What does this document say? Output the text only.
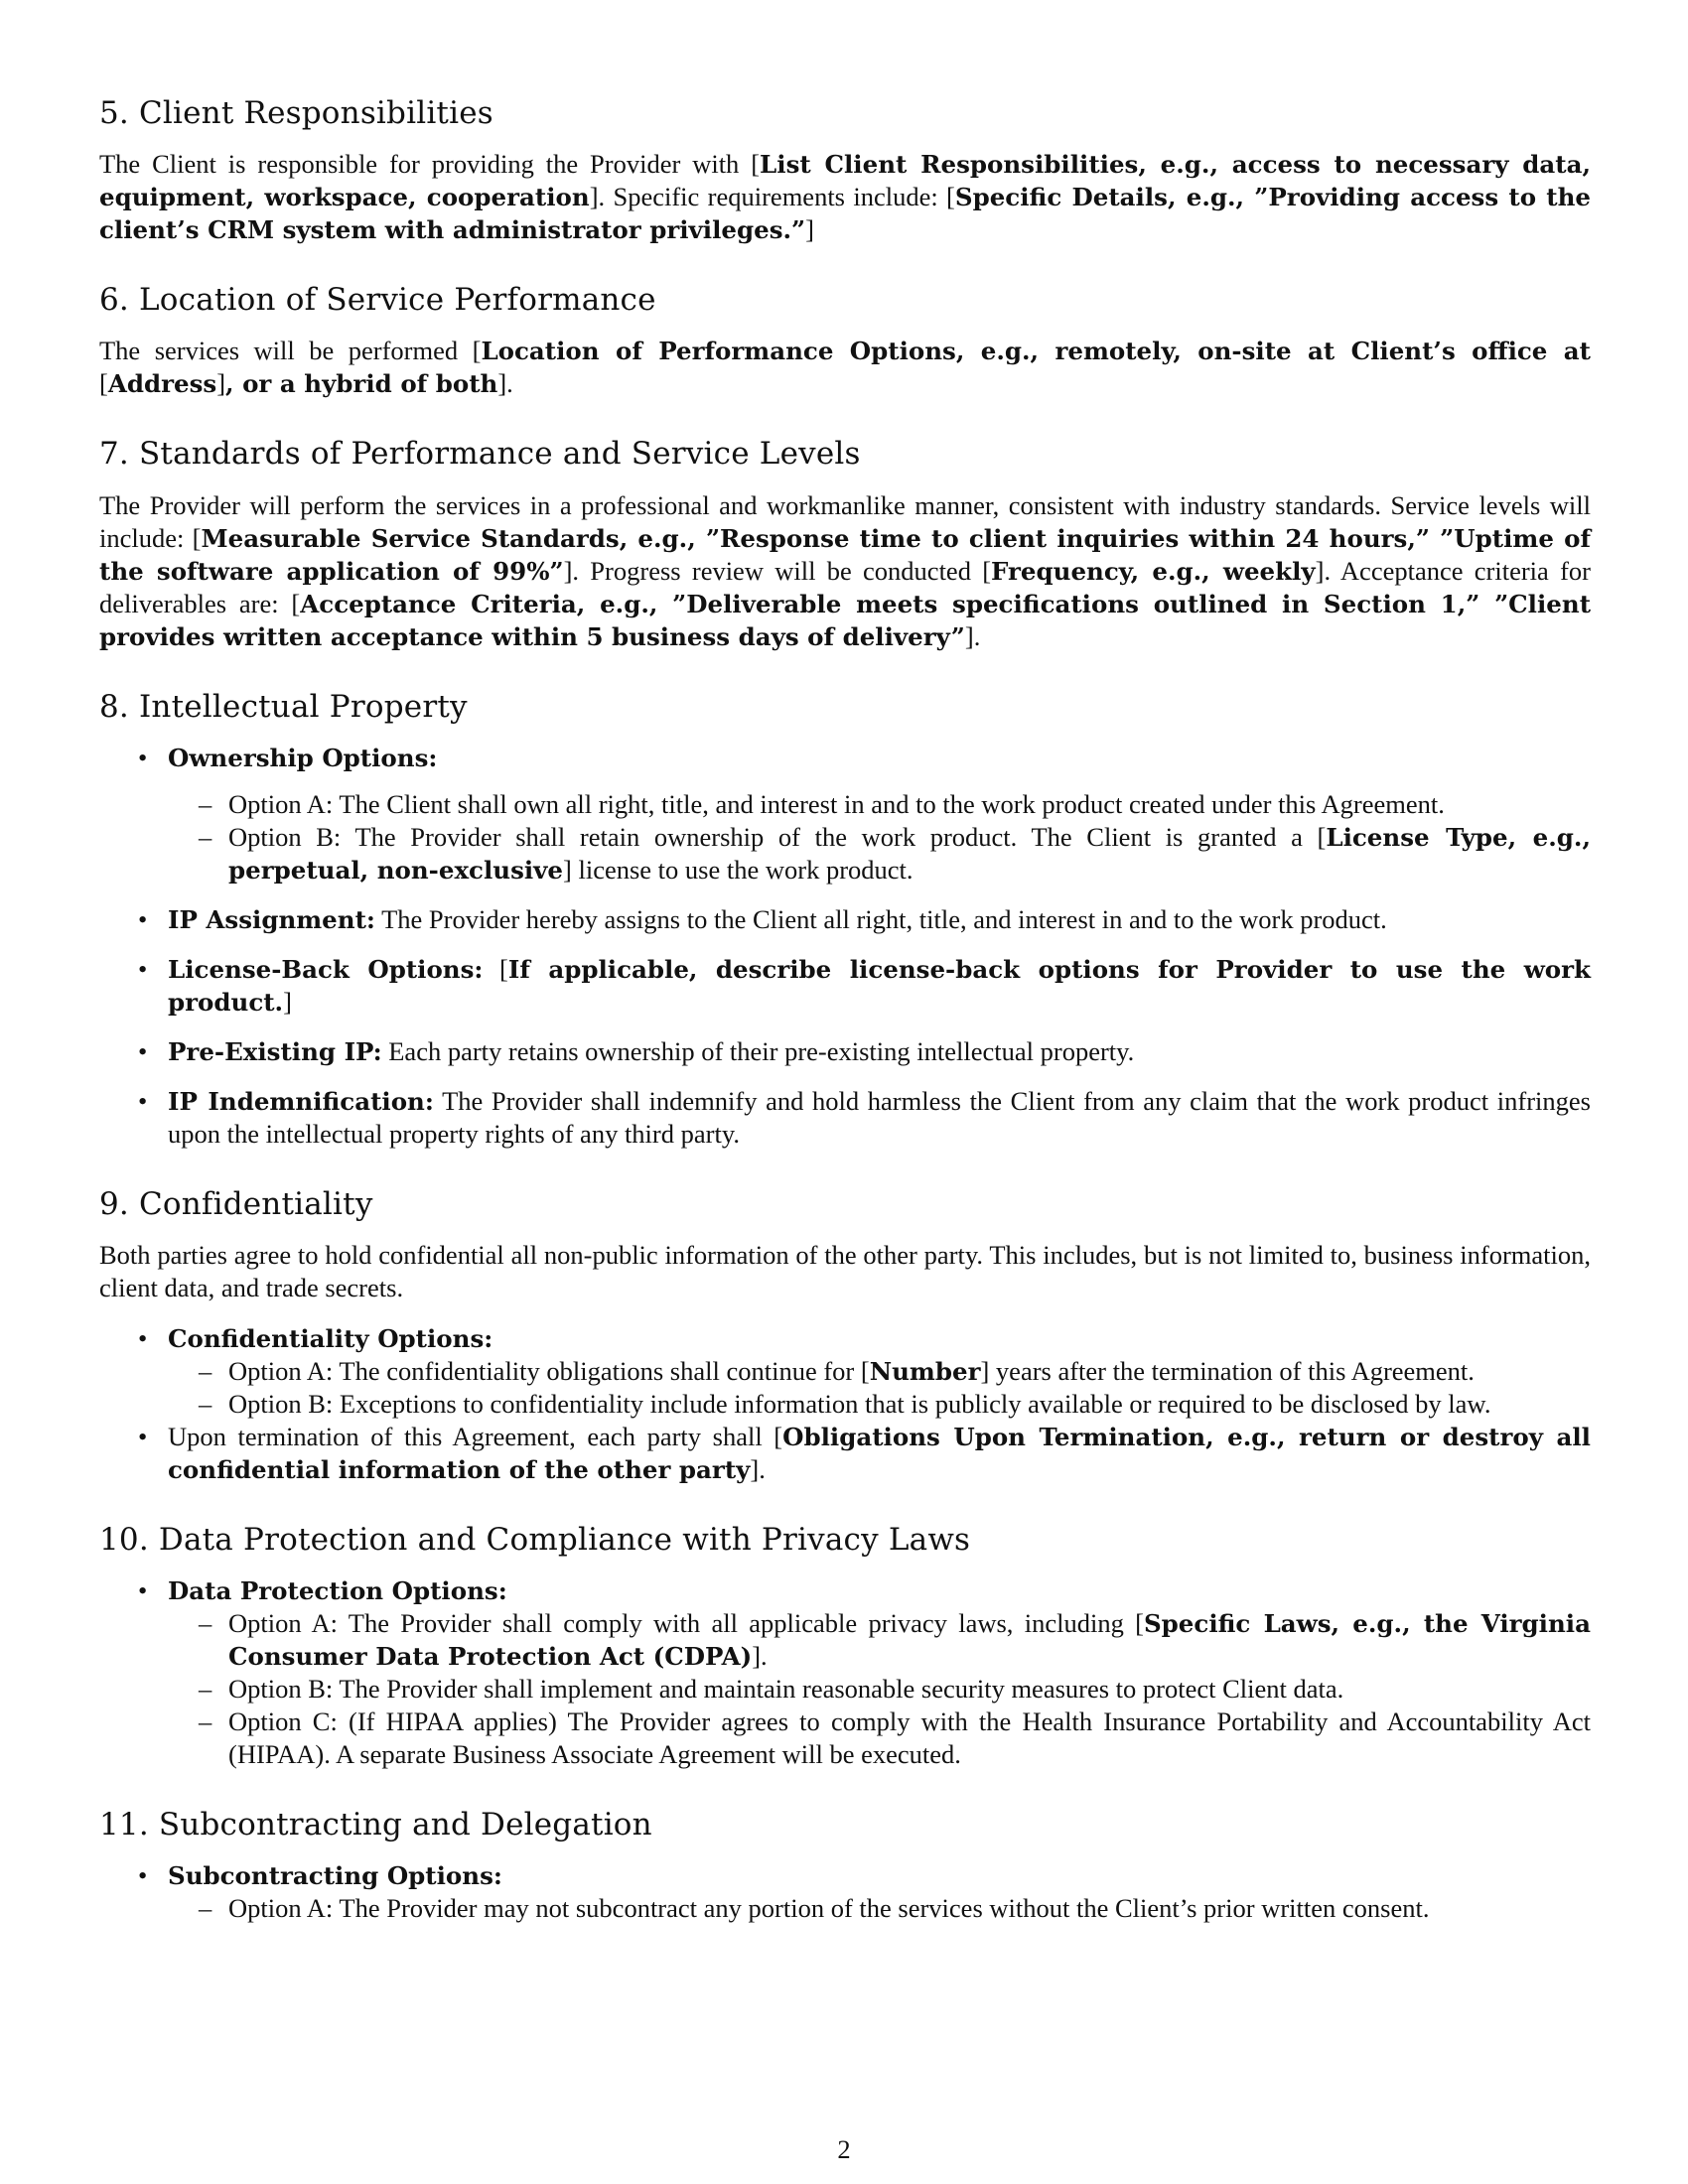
5. Client Responsibilities

The Client is responsible for providing the Provider with [List Client Responsibilities, e.g., access to necessary data, equipment, workspace, cooperation]. Specific requirements include: [Specific Details, e.g., ”Providing access to the client’s CRM system with administrator privileges.”]

6. Location of Service Performance

The services will be performed [Location of Performance Options, e.g., remotely, on-site at Client’s office at [Address], or a hybrid of both].

7. Standards of Performance and Service Levels

The Provider will perform the services in a professional and workmanlike manner, consistent with industry standards. Service levels will include: [Measurable Service Standards, e.g., ”Response time to client inquiries within 24 hours,” ”Uptime of the software application of 99%”]. Progress review will be conducted [Frequency, e.g., weekly]. Acceptance criteria for deliverables are: [Acceptance Criteria, e.g., ”Deliverable meets specifications outlined in Section 1,” ”Client provides written acceptance within 5 business days of delivery”].

8. Intellectual Property
• Ownership Options:
– Option A: The Client shall own all right, title, and interest in and to the work product created under this Agreement.
– Option B: The Provider shall retain ownership of the work product. The Client is granted a [License Type, e.g., perpetual, non-exclusive] license to use the work product.
• IP Assignment: The Provider hereby assigns to the Client all right, title, and interest in and to the work product.
• License-Back Options: [If applicable, describe license-back options for Provider to use the work product.]
• Pre-Existing IP: Each party retains ownership of their pre-existing intellectual property.
• IP Indemnification: The Provider shall indemnify and hold harmless the Client from any claim that the work product infringes upon the intellectual property rights of any third party.
9. Confidentiality

Both parties agree to hold confidential all non-public information of the other party. This includes, but is not limited to, business information, client data, and trade secrets.

• Confidentiality Options:
– Option A: The confidentiality obligations shall continue for [Number] years after the termination of this Agreement.
– Option B: Exceptions to confidentiality include information that is publicly available or required to be disclosed by law.
• Upon termination of this Agreement, each party shall [Obligations Upon Termination, e.g., return or destroy all confidential information of the other party].
10. Data Protection and Compliance with Privacy Laws
• Data Protection Options:
– Option A: The Provider shall comply with all applicable privacy laws, including [Specific Laws, e.g., the Virginia Consumer Data Protection Act (CDPA)].
– Option B: The Provider shall implement and maintain reasonable security measures to protect Client data.
– Option C: (If HIPAA applies) The Provider agrees to comply with the Health Insurance Portability and Accountability Act (HIPAA). A separate Business Associate Agreement will be executed.
11. Subcontracting and Delegation
• Subcontracting Options:
– Option A: The Provider may not subcontract any portion of the services without the Client’s prior written consent.
2
